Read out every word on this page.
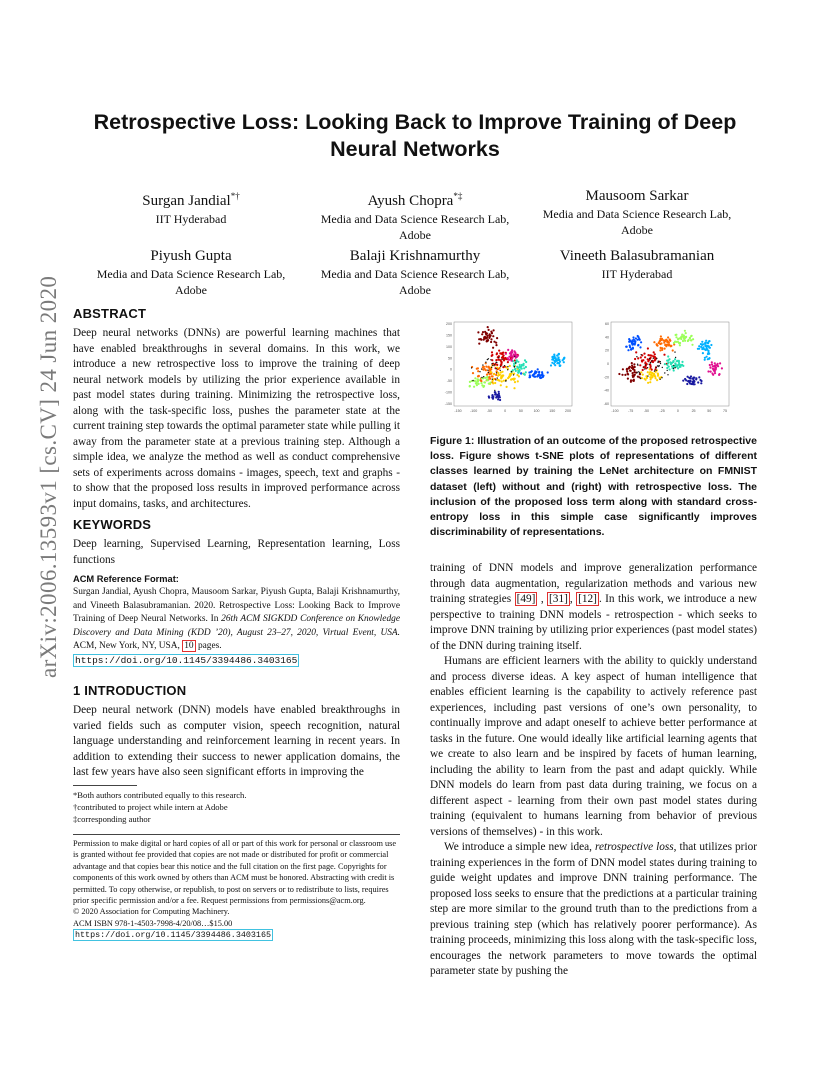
arXiv:2006.13593v1 [cs.CV] 24 Jun 2020
Retrospective Loss: Looking Back to Improve Training of Deep Neural Networks
Surgan Jandial*†
IIT Hyderabad
Ayush Chopra*‡
Media and Data Science Research Lab,
Adobe
Mausoom Sarkar
Media and Data Science Research Lab,
Adobe
Piyush Gupta
Media and Data Science Research Lab,
Adobe
Balaji Krishnamurthy
Media and Data Science Research Lab,
Adobe
Vineeth Balasubramanian
IIT Hyderabad
ABSTRACT
Deep neural networks (DNNs) are powerful learning machines that have enabled breakthroughs in several domains. In this work, we introduce a new retrospective loss to improve the training of deep neural network models by utilizing the prior experience available in past model states during training. Minimizing the retrospective loss, along with the task-specific loss, pushes the parameter state at the current training step towards the optimal parameter state while pulling it away from the parameter state at a previous training step. Although a simple idea, we analyze the method as well as conduct comprehensive sets of experiments across domains - images, speech, text and graphs - to show that the proposed loss results in improved performance across input domains, tasks, and architectures.
KEYWORDS
Deep learning, Supervised Learning, Representation learning, Loss functions
ACM Reference Format:
Surgan Jandial, Ayush Chopra, Mausoom Sarkar, Piyush Gupta, Balaji Krishnamurthy, and Vineeth Balasubramanian. 2020. Retrospective Loss: Looking Back to Improve Training of Deep Neural Networks. In 26th ACM SIGKDD Conference on Knowledge Discovery and Data Mining (KDD ’20), August 23–27, 2020, Virtual Event, USA. ACM, New York, NY, USA, 10 pages.
https://doi.org/10.1145/3394486.3403165
1 INTRODUCTION
Deep neural network (DNN) models have enabled breakthroughs in varied fields such as computer vision, speech recognition, natural language understanding and reinforcement learning in recent years. In addition to extending their success to newer application domains, the last few years have also seen significant efforts in improving the
*Both authors contributed equally to this research.
†contributed to project while intern at Adobe
‡corresponding author
Permission to make digital or hard copies of all or part of this work for personal or classroom use is granted without fee provided that copies are not made or distributed for profit or commercial advantage and that copies bear this notice and the full citation on the first page. Copyrights for components of this work owned by others than ACM must be honored. Abstracting with credit is permitted. To copy otherwise, or republish, to post on servers or to redistribute to lists, requires prior specific permission and/or a fee. Request permissions from permissions@acm.org.
© 2020 Association for Computing Machinery.
ACM ISBN 978-1-4503-7998-4/20/08…$15.00
https://doi.org/10.1145/3394486.3403165
200
150
100
50
0
-50
-100
-150
-150 -100	-50	0	50	100	150	200
60
40
20
0
-20
-40
-60
-100	-75	-50	-25	0	25	50	75
Figure 1: Illustration of an outcome of the proposed retrospective loss. Figure shows t-SNE plots of representations of different classes learned by training the LeNet architecture on FMNIST dataset (left) without and (right) with retrospective loss. The inclusion of the proposed loss term along with standard cross-entropy loss in this simple case significantly improves discriminability of representations.

training of DNN models and improve generalization performance through data augmentation, regularization methods and various new training strategies [49] , [31] , [12] . In this work, we introduce a new perspective to training DNN models - retrospection - which seeks to improve DNN training by utilizing prior experiences (past model states) of the DNN during training itself.

Humans are efficient learners with the ability to quickly understand and process diverse ideas. A key aspect of human intelligence that enables efficient learning is the capability to actively reference past experiences, including past versions of one’s own personality, to continually improve and adapt oneself to achieve better performance at tasks in the future. One would ideally like artificial learning agents that we create to also learn and be inspired by facets of human learning, including the ability to learn from the past and adapt quickly. While DNN models do learn from past data during training, we focus on a different aspect - learning from their own past model states during training (equivalent to humans learning from behavior of previous versions of themselves) - in this work.

We introduce a simple new idea, retrospective loss, that utilizes prior training experiences in the form of DNN model states during training to guide weight updates and improve DNN training performance. The proposed loss seeks to ensure that the predictions at a particular training step are more similar to the ground truth than to the predictions from a previous training step (which has relatively poorer performance). As training proceeds, minimizing this loss along with the task-specific loss, encourages the network parameters to move towards the optimal parameter state by pushing the
